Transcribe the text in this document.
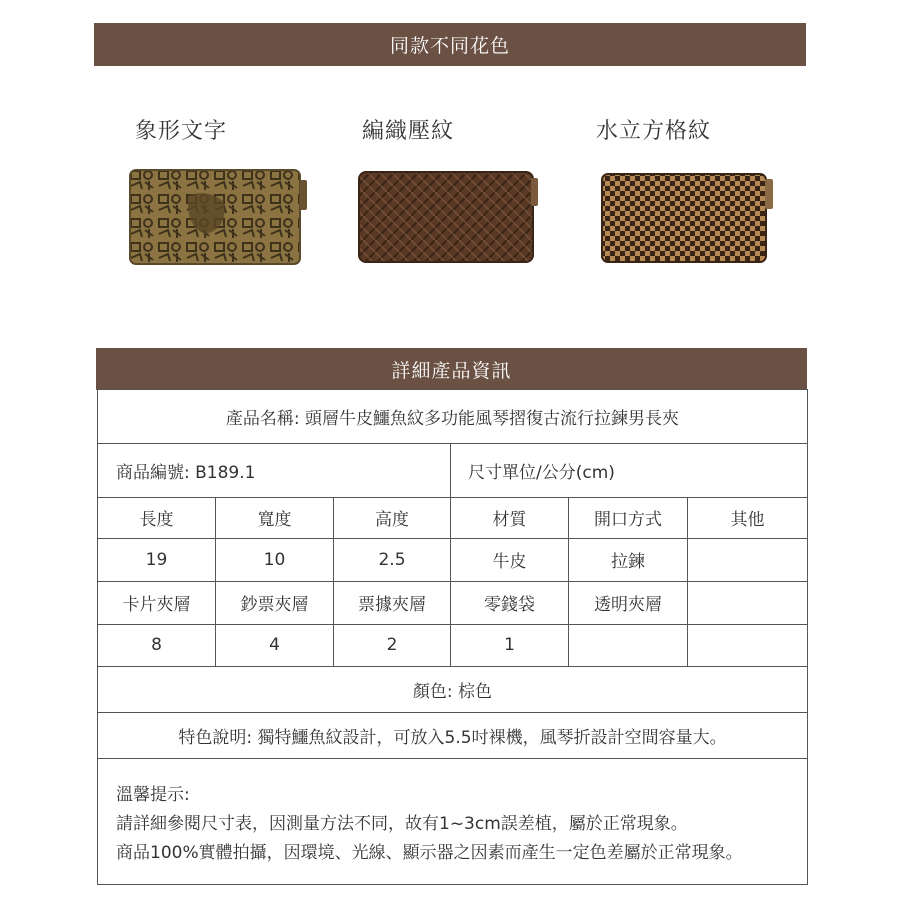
同款不同花色
象形文字	編織壓紋	水立方格紋
詳細產品資訊
產品名稱: 頭層牛皮鱷魚紋多功能風琴摺復古流行拉鍊男長夾
商品編號: B189.1	尺寸單位/公分(cm)
長度	寬度	高度	材質	開口方式	其他
19	10	2.5	牛皮	拉鍊
卡片夾層	鈔票夾層	票據夾層	零錢袋	透明夾層
8	4	2	1
顏色: 棕色
特色說明: 獨特鱷魚紋設計，可放入5.5吋裸機，風琴折設計空間容量大。
溫馨提示:
請詳細參閱尺寸表，因測量方法不同，故有1~3cm誤差植，屬於正常現象。
商品100%實體拍攝，因環境、光線、顯示器之因素而產生一定色差屬於正常現象。
